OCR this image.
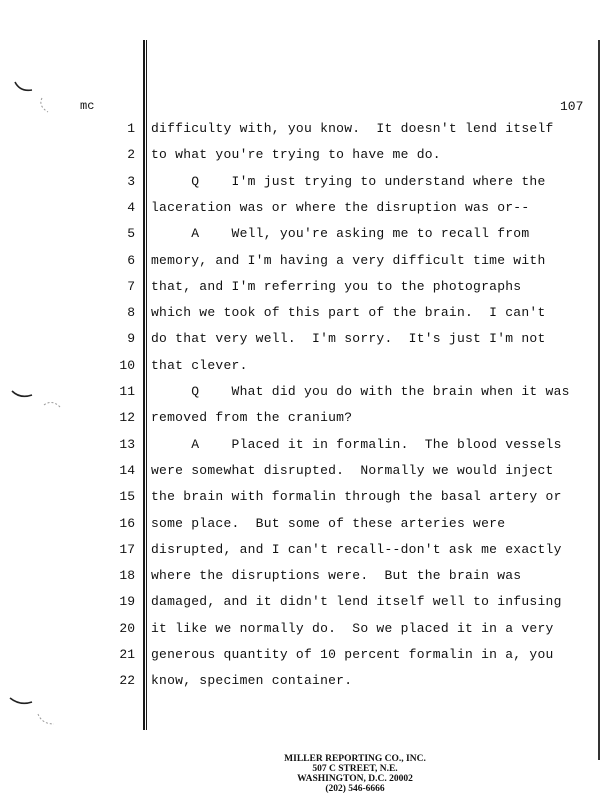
mc	107
1 difficulty with, you know.  It doesn't lend itself
2 to what you're trying to have me do.
3 Q    I'm just trying to understand where the
4 laceration was or where the disruption was or--
5 A    Well, you're asking me to recall from
6 memory, and I'm having a very difficult time with
7 that, and I'm referring you to the photographs
8 which we took of this part of the brain.  I can't
9 do that very well.  I'm sorry.  It's just I'm not
10 that clever.
11 Q    What did you do with the brain when it was
12 removed from the cranium?
13 A    Placed it in formalin.  The blood vessels
14 were somewhat disrupted.  Normally we would inject
15 the brain with formalin through the basal artery or
16 some place.  But some of these arteries were
17 disrupted, and I can't recall--don't ask me exactly
18 where the disruptions were.  But the brain was
19 damaged, and it didn't lend itself well to infusing
20 it like we normally do.  So we placed it in a very
21 generous quantity of 10 percent formalin in a, you
22 know, specimen container.
MILLER REPORTING CO., INC.
507 C STREET, N.E.
WASHINGTON, D.C. 20002
(202) 546-6666
